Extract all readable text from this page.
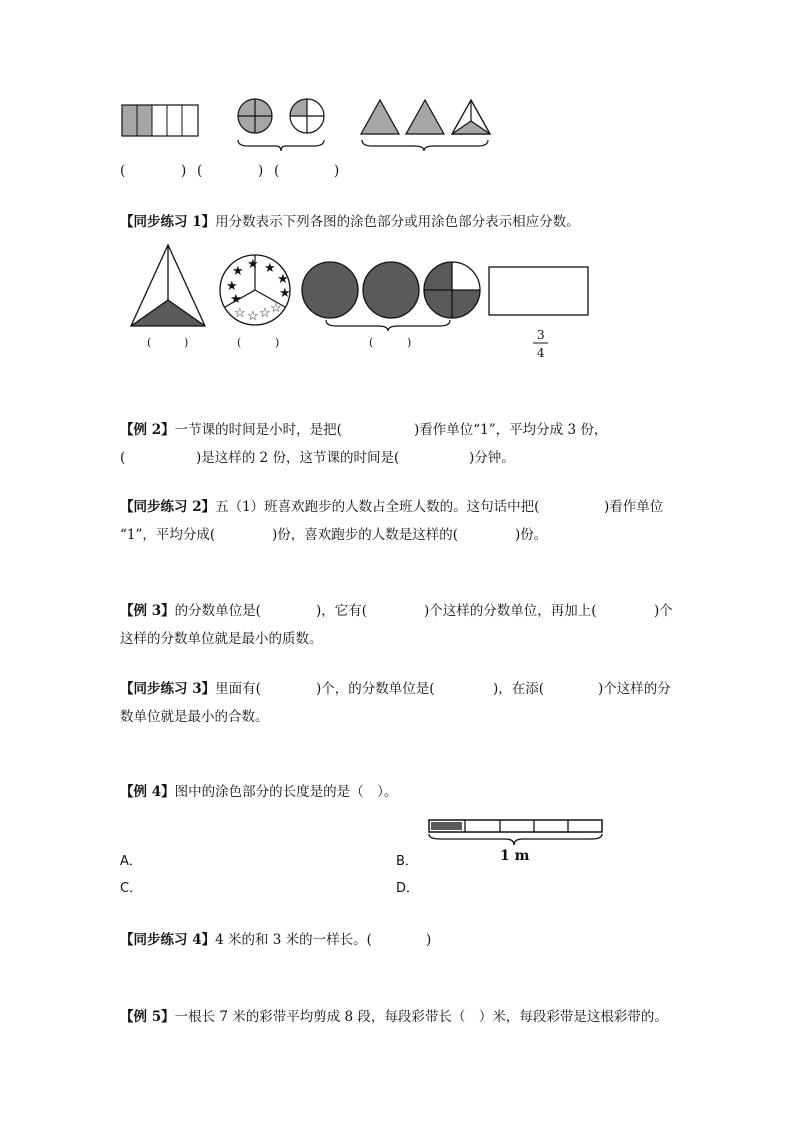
(	) (	) (	)
【同步练习 1】用分数表示下列各图的涂色部分或用涂色部分表示相应分数。
★
★
★
★
★
★
★
☆ ☆ ☆ ☆
(	)	(	)	(	)
3
4
【例 2】一节课的时间是小时，是把(	)看作单位“1”，平均分成 3 份，
(	)是这样的 2 份，这节课的时间是(	)分钟。
【同步练习 2】五（1）班喜欢跑步的人数占全班人数的。这句话中把(	)看作单位
“1”，平均分成(	)份，喜欢跑步的人数是这样的(	)份。
【例 3】的分数单位是(	)，它有(	)个这样的分数单位，再加上(	)个
这样的分数单位就是最小的质数。
【同步练习 3】里面有(	)个，的分数单位是(	)，在添(	)个这样的分
数单位就是最小的合数。
【例 4】图中的涂色部分的长度是的是（　）。
1 m
A．	B．
C．	D．
【同步练习 4】4 米的和 3 米的一样长。(	)
【例 5】一根长 7 米的彩带平均剪成 8 段，每段彩带长（　）米，每段彩带是这根彩带的。
